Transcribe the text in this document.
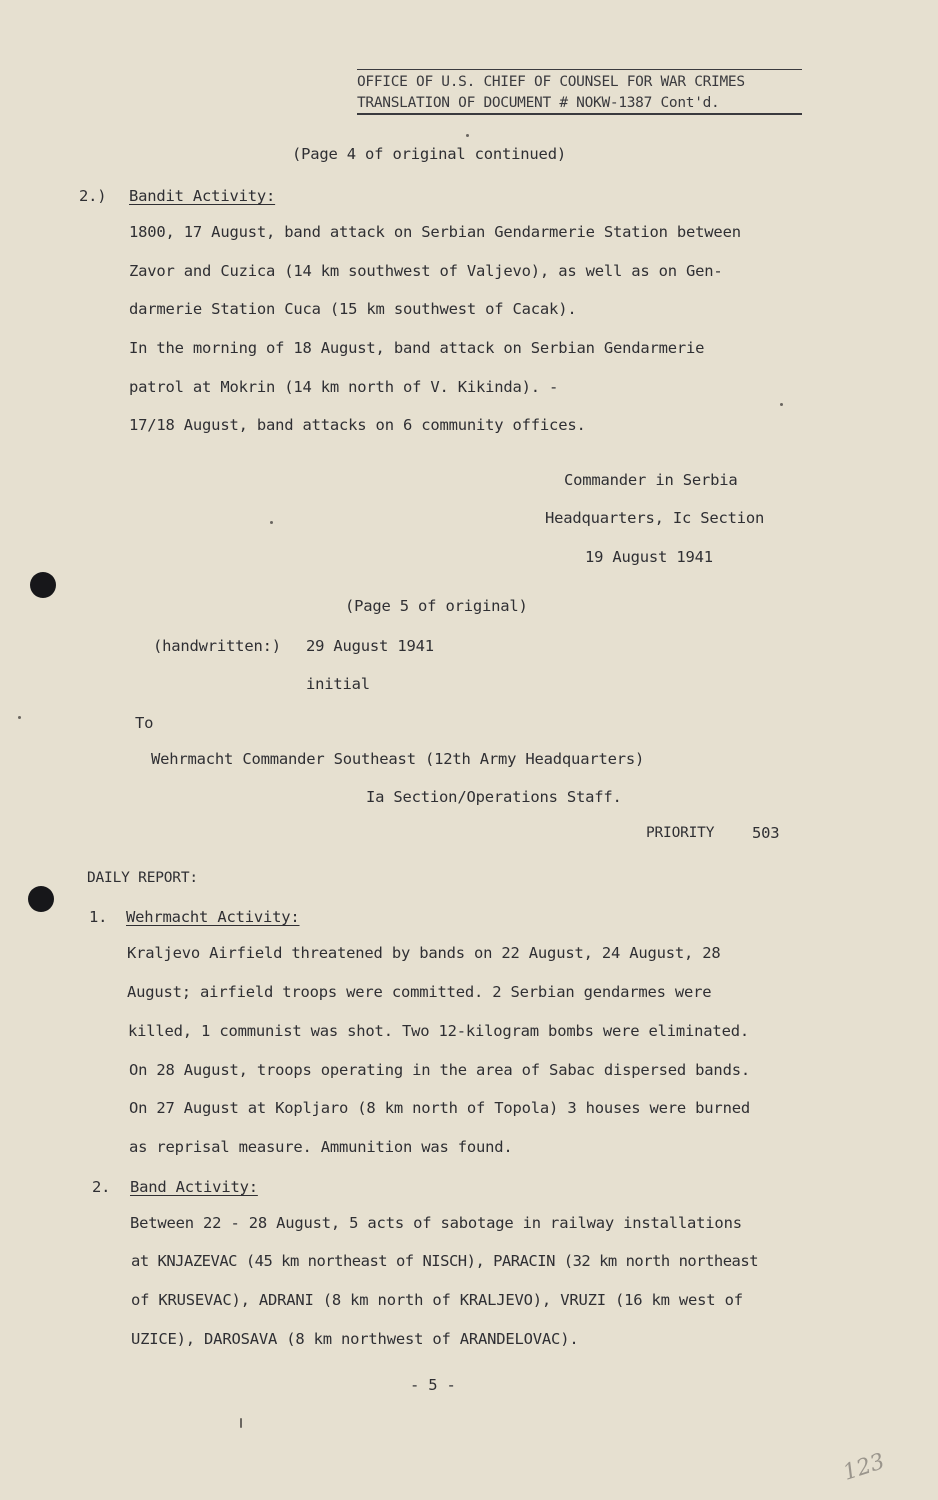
OFFICE OF U.S. CHIEF OF COUNSEL FOR WAR CRIMES
TRANSLATION OF DOCUMENT # NOKW-1387 Cont'd.
(Page 4 of original continued)
2.) Bandit Activity:
1800, 17 August, band attack on Serbian Gendarmerie Station between
Zavor and Cuzica (14 km southwest of Valjevo), as well as on Gen-
darmerie Station Cuca (15 km southwest of Cacak).
In the morning of 18 August, band attack on Serbian Gendarmerie
patrol at Mokrin (14 km north of V. Kikinda). -
17/18 August, band attacks on 6 community offices.
Commander in Serbia
Headquarters, Ic Section
19 August 1941
(Page 5 of original)
(handwritten:) 29 August 1941
initial
To
Wehrmacht Commander Southeast (12th Army Headquarters)
Ia Section/Operations Staff.
PRIORITY 503
DAILY REPORT:
1. Wehrmacht Activity:
Kraljevo Airfield threatened by bands on 22 August, 24 August, 28
August; airfield troops were committed. 2 Serbian gendarmes were
killed, 1 communist was shot. Two 12-kilogram bombs were eliminated.
On 28 August, troops operating in the area of Sabac dispersed bands.
On 27 August at Kopljaro (8 km north of Topola) 3 houses were burned
as reprisal measure. Ammunition was found.
2. Band Activity:
Between 22 - 28 August, 5 acts of sabotage in railway installations
at KNJAZEVAC (45 km northeast of NISCH), PARACIN (32 km north northeast
of KRUSEVAC), ADRANI (8 km north of KRALJEVO), VRUZI (16 km west of
UZICE), DAROSAVA (8 km northwest of ARANDELOVAC).
- 5 -
123
